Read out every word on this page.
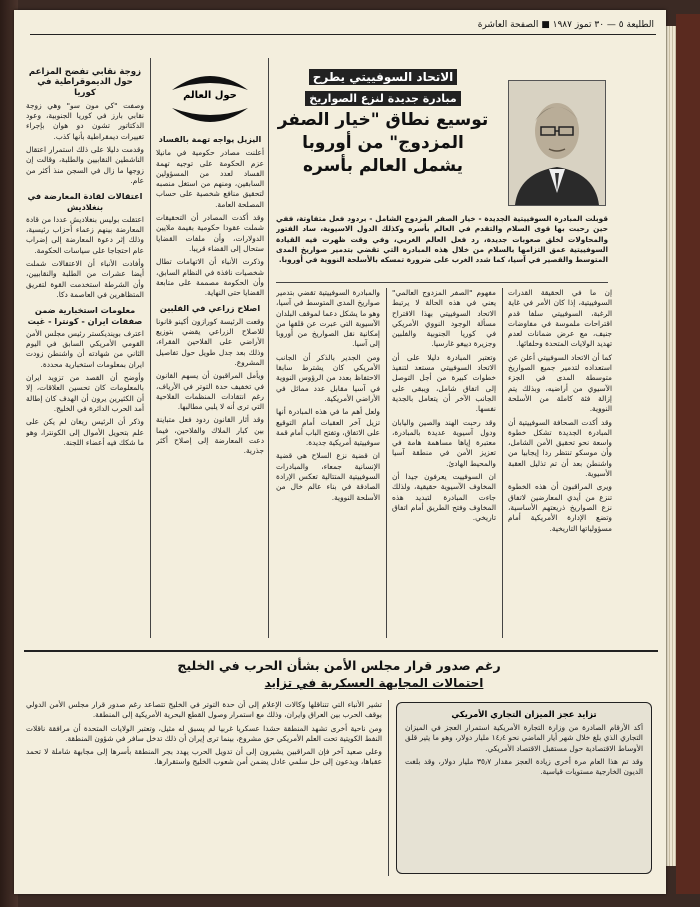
الطليعة ٥ — ٣٠ تموز ١٩٨٧ ■ الصفحة العاشرة
زوجة نقابي تفضح المزاعم حول الديموقراطية في كوريا

وصفت "كي مون سو" وهي زوجة نقابي بارز في كوريا الجنوبية، وعود الدكتاتور تشون دو هوان بإجراء تغييرات ديمقراطية بأنها كذب.

وقدمت دليلا على ذلك استمرار اعتقال الناشطين النقابيين والطلبة، وقالت إن زوجها ما زال في السجن منذ أكثر من عام.

اعتقالات لقادة المعارضة في بنغلاديش

اعتقلت بوليس بنغلاديش عددا من قادة المعارضة بينهم زعماء أحزاب رئيسية، وذلك إثر دعوة المعارضة إلى إضراب عام احتجاجا على سياسات الحكومة.

وأفادت الأنباء أن الاعتقالات شملت أيضا عشرات من الطلبة والنقابيين، وأن الشرطة استخدمت القوة لتفريق المتظاهرين في العاصمة دكا.

معلومات استخبارية ضمن صفقات ايران - كونترا - غيت

اعترف بوينديكستر رئيس مجلس الأمن القومي الأمريكي السابق في اليوم الثاني من شهادته أن واشنطن زودت ايران بمعلومات استخبارية محددة.

وأوضح أن القصد من تزويد ايران بالمعلومات كان تحسين العلاقات، إلا أن الكثيرين يرون أن الهدف كان إطالة أمد الحرب الدائرة في الخليج.

وذكر أن الرئيس ريغان لم يكن على علم بتحويل الأموال إلى الكونترا، وهو ما شكك فيه أعضاء اللجنة.

حول العالم
اليزيل يواجه تهمة بالفساد

أعلنت مصادر حكومية في مانيلا عزم الحكومة على توجيه تهمة الفساد لعدد من المسؤولين السابقين، ومنهم من استغل منصبه لتحقيق منافع شخصية على حساب المصلحة العامة.

وقد أكدت المصادر أن التحقيقات شملت عقودا حكومية بقيمة ملايين الدولارات، وأن ملفات القضايا ستحال إلى القضاء قريبا.

وذكرت الأنباء أن الاتهامات تطال شخصيات نافذة في النظام السابق، وأن الحكومة مصممة على متابعة القضايا حتى النهاية.

اصلاح زراعي في الفلبين

وقعت الرئيسة كورازون أكينو قانونا للاصلاح الزراعي يقضي بتوزيع الأراضي على الفلاحين الفقراء، وذلك بعد جدل طويل حول تفاصيل المشروع.

ويأمل المراقبون أن يسهم القانون في تخفيف حدة التوتر في الأرياف، رغم انتقادات المنظمات الفلاحية التي ترى أنه لا يلبي مطالبها.

وقد أثار القانون ردود فعل متباينة بين كبار الملاك والفلاحين، فيما دعت المعارضة إلى إصلاح أكثر جذرية.

الاتحاد السوفييتي يطرح
مبادرة جديدة لنزع الصواريخ
توسيع نطاق "خيار الصفر
المزدوج" من أوروبا
يشمل العالم بأسره
قوبلت المبادرة السوفييتية الجديدة - خيار الصفر المزدوج الشامل - بردود فعل متفاوتة، ففي حين رحبت بها قوى السلام والتقدم في العالم بأسره وكذلك الدول الاسيوية، ساد الفتور والمحاولات لخلق صعوبات جديدة، رد فعل العالم الغربي، وفي وقت ظهرت فيه القيادة السوفييتية عمق التزامها بالسلام من خلال هذه المبادرة التي تقضي بتدمير صواريخ المدى المتوسط والقصير في آسيا، كما شدد الغرب على ضرورة تمسكه بالأسلحة النووية في أوروبا.

إن ما في الحقيقة القدرات السوفييتية، إذا كان الأمر في غاية الرغبة، السوفييتي سلفا قدم اقتراحات ملموسة في مفاوضات جنيف، مع عرض ضمانات لعدم تهديد الولايات المتحدة وحلفائها.

كما أن الاتحاد السوفييتي أعلن عن استعداده لتدمير جميع الصواريخ متوسطة المدى في الجزء الآسيوي من أراضيه، وبذلك يتم إزالة فئة كاملة من الأسلحة النووية.

وقد أكدت الصحافة السوفييتية أن المبادرة الجديدة تشكل خطوة واسعة نحو تحقيق الأمن الشامل، وأن موسكو تنتظر ردا إيجابيا من واشنطن بعد أن تم تذليل العقبة الأسيوية.

ويرى المراقبون أن هذه الخطوة تنزع من أيدي المعارضين لاتفاق نزع الصواريخ ذريعتهم الأساسية، وتضع الإدارة الأمريكية أمام مسؤولياتها التاريخية.

مفهوم "الصفر المزدوج العالمي" يعني في هذه الحالة لا يرتبط الاتحاد السوفييتي بهذا الاقتراح مسألة الوجود النووي الأمريكي في كوريا الجنوبية والفلبين وجزيرة دييغو غارسيا.

وتعتبر المبادرة دليلا على أن الاتحاد السوفييتي مستعد لتنفيذ خطوات كبيرة من أجل التوصل إلى اتفاق شامل، ويبقى على الجانب الآخر أن يتعامل بالجدية نفسها.

وقد رحبت الهند والصين واليابان ودول آسيوية عديدة بالمبادرة، معتبرة إياها مساهمة هامة في تعزيز الأمن في منطقة آسيا والمحيط الهادئ.

ان السوفييت يعرفون جيدا أن المخاوف الآسيوية حقيقية، ولذلك جاءت المبادرة لتبديد هذه المخاوف وفتح الطريق أمام اتفاق تاريخي.

والمبادرة السوفييتية تقضي بتدمير صواريخ المدى المتوسط في آسيا، وهو ما يشكل دعما لموقف البلدان الآسيوية التي عبرت عن قلقها من إمكانية نقل الصواريخ من أوروبا إلى آسيا.

ومن الجدير بالذكر أن الجانب الأمريكي كان يشترط سابقا الاحتفاظ بعدد من الرؤوس النووية في آسيا مقابل عدد مماثل في الأراضي الأمريكية.

ولعل أهم ما في هذه المبادرة أنها تزيل آخر العقبات أمام التوقيع على الاتفاق، وتفتح الباب أمام قمة سوفييتية أمريكية جديدة.

ان قضية نزع السلاح هي قضية الإنسانية جمعاء، والمبادرات السوفييتية المتتالية تعكس الإرادة الصادقة في بناء عالم خال من الأسلحة النووية.

رغم صدور قرار مجلس الأمن بشأن الحرب في الخليج
احتمالات المجابهة العسكرية في تزايد

تشير الأنباء التي تتناقلها وكالات الإعلام إلى أن حدة التوتر في الخليج تتصاعد رغم صدور قرار مجلس الأمن الدولي بوقف الحرب بين العراق وايران، وذلك مع استمرار وصول القطع البحرية الأمريكية إلى المنطقة.

ومن ناحية أخرى تشهد المنطقة حشدا عسكريا غربيا لم يسبق له مثيل، وتعتبر الولايات المتحدة أن مرافقة ناقلات النفط الكويتية تحت العلم الأمريكي حق مشروع، بينما ترى إيران أن ذلك تدخل سافر في شؤون المنطقة.

وعلى صعيد آخر فإن المراقبين يشيرون إلى أن تدويل الحرب يهدد بجر المنطقة بأسرها إلى مجابهة شاملة لا تحمد عقباها، ويدعون إلى حل سلمي عادل يضمن أمن شعوب الخليج واستقرارها.

تزايد عجز الميزان التجاري الأمريكي

أكد الأرقام الصادرة من وزارة التجارة الأمريكية استمرار العجز في الميزان التجاري الذي بلغ خلال شهر أيار الماضي نحو ١٤٫٤ مليار دولار، وهو ما يثير قلق الأوساط الاقتصادية حول مستقبل الاقتصاد الأمريكي.

وقد تم هذا العام مرة أخرى زيادة العجز مقدار ٣٥٫٧ مليار دولار، وقد بلغت الديون الخارجية مستويات قياسية.
